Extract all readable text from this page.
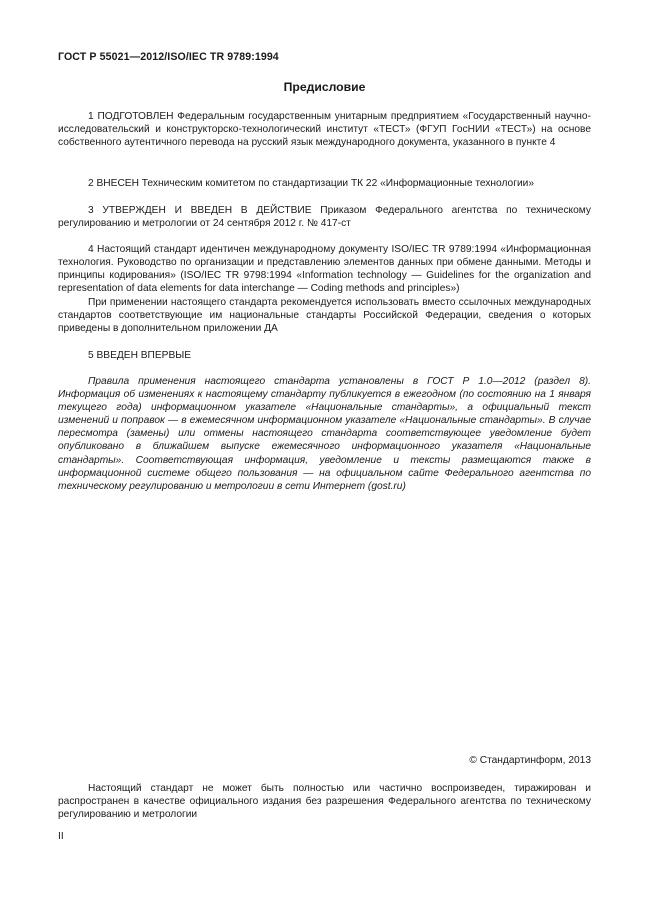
ГОСТ Р 55021—2012/ISO/IEC TR 9789:1994
Предисловие

1 ПОДГОТОВЛЕН Федеральным государственным унитарным предприятием «Государственный научно-исследовательский и конструкторско-технологический институт «ТЕСТ» (ФГУП ГосНИИ «ТЕСТ») на основе собственного аутентичного перевода на русский язык международного документа, указанного в пункте 4

2 ВНЕСЕН Техническим комитетом по стандартизации ТК 22 «Информационные технологии»

3 УТВЕРЖДЕН И ВВЕДЕН В ДЕЙСТВИЕ Приказом Федерального агентства по техническому регулированию и метрологии от 24 сентября 2012 г. № 417-ст

4 Настоящий стандарт идентичен международному документу ISO/IEC TR 9789:1994 «Информационная технология. Руководство по организации и представлению элементов данных при обмене данными. Методы и принципы кодирования» (ISO/IEC TR 9798:1994 «Information technology — Guidelines for the organization and representation of data elements for data interchange — Coding methods and principles»)

При применении настоящего стандарта рекомендуется использовать вместо ссылочных международных стандартов соответствующие им национальные стандарты Российской Федерации, сведения о которых приведены в дополнительном приложении ДА

5 ВВЕДЕН ВПЕРВЫЕ

Правила применения настоящего стандарта установлены в ГОСТ Р 1.0—2012 (раздел 8). Информация об изменениях к настоящему стандарту публикуется в ежегодном (по состоянию на 1 января текущего года) информационном указателе «Национальные стандарты», а официальный текст изменений и поправок — в ежемесячном информационном указателе «Национальные стандарты». В случае пересмотра (замены) или отмены настоящего стандарта соответствующее уведомление будет опубликовано в ближайшем выпуске ежемесячного информационного указателя «Национальные стандарты». Соответствующая информация, уведомление и тексты размещаются также в информационной системе общего пользования — на официальном сайте Федерального агентства по техническому регулированию и метрологии в сети Интернет (gost.ru)

© Стандартинформ, 2013

Настоящий стандарт не может быть полностью или частично воспроизведен, тиражирован и распространен в качестве официального издания без разрешения Федерального агентства по техническому регулированию и метрологии

II
